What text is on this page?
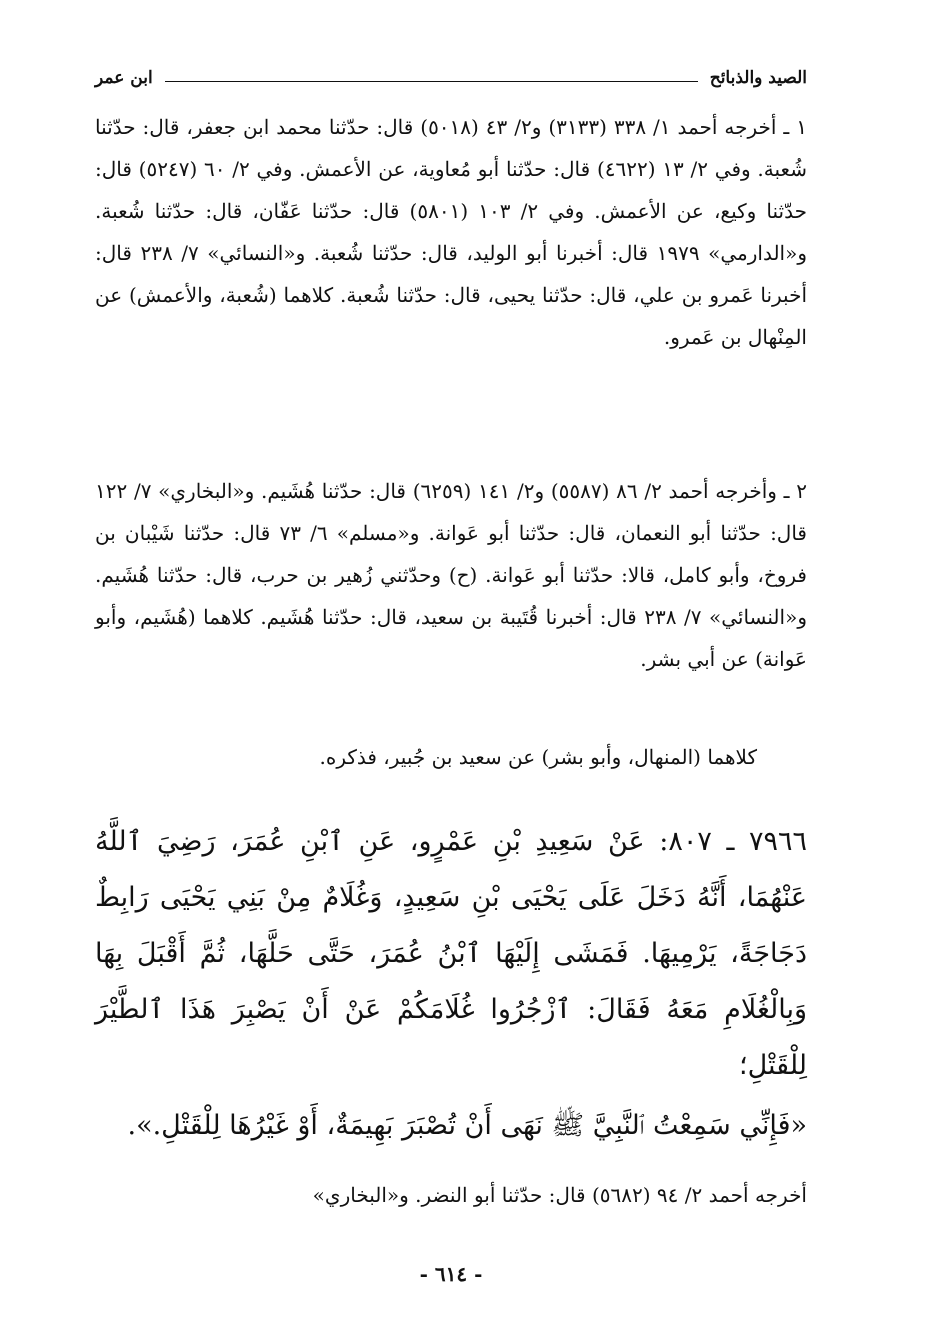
الصيد والذبائح
ابن عمر

١ ـ أخرجه أحمد ١/ ٣٣٨ (٣١٣٣) و٢/ ٤٣ (٥٠١٨) قال: حدّثنا محمد ابن جعفر، قال: حدّثنا شُعبة. وفي ٢/ ١٣ (٤٦٢٢) قال: حدّثنا أبو مُعاوية، عن الأعمش. وفي ٢/ ٦٠ (٥٢٤٧) قال: حدّثنا وكيع، عن الأعمش. وفي ٢/ ١٠٣ (٥٨٠١) قال: حدّثنا عَفّان، قال: حدّثنا شُعبة. و«الدارمي» ١٩٧٩ قال: أخبرنا أبو الوليد، قال: حدّثنا شُعبة. و«النسائي» ٧/ ٢٣٨ قال: أخبرنا عَمرو بن علي، قال: حدّثنا يحيى، قال: حدّثنا شُعبة. كلاهما (شُعبة، والأعمش) عن المِنْهال بن عَمرو.

٢ ـ وأخرجه أحمد ٢/ ٨٦ (٥٥٨٧) و٢/ ١٤١ (٦٢٥٩) قال: حدّثنا هُشَيم. و«البخاري» ٧/ ١٢٢ قال: حدّثنا أبو النعمان، قال: حدّثنا أبو عَوانة. و«مسلم» ٦/ ٧٣ قال: حدّثنا شَيْبان بن فروخ، وأبو كامل، قالا: حدّثنا أبو عَوانة. (ح) وحدّثني زُهير بن حرب، قال: حدّثنا هُشَيم. و«النسائي» ٧/ ٢٣٨ قال: أخبرنا قُتَيبة بن سعيد، قال: حدّثنا هُشَيم. كلاهما (هُشَيم، وأبو عَوانة) عن أبي بشر.

كلاهما (المنهال، وأبو بشر) عن سعيد بن جُبير، فذكره.

٧٩٦٦ ـ ٨٠٧: عَنْ سَعِيدِ بْنِ عَمْرٍو، عَنِ ٱبْنِ عُمَرَ، رَضِيَ ٱللَّهُ عَنْهُمَا، أَنَّهُ دَخَلَ عَلَى يَحْيَى بْنِ سَعِيدٍ، وَغُلَامٌ مِنْ بَنِي يَحْيَى رَابِطٌ دَجَاجَةً، يَرْمِيهَا. فَمَشَى إِلَيْهَا ٱبْنُ عُمَرَ، حَتَّى حَلَّهَا، ثُمَّ أَقْبَلَ بِهَا وَبِالْغُلَامِ مَعَهُ فَقَالَ: ٱزْجُرُوا غُلَامَكُمْ عَنْ أَنْ يَصْبِرَ هَذَا ٱلطَّيْرَ لِلْقَتْلِ؛

«فَإِنِّي سَمِعْتُ ٱلنَّبِيَّ ﷺ نَهَى أَنْ تُصْبَرَ بَهِيمَةٌ، أَوْ غَيْرُهَا لِلْقَتْلِ.».

أخرجه أحمد ٢/ ٩٤ (٥٦٨٢) قال: حدّثنا أبو النضر. و«البخاري»

- ٦١٤ -
